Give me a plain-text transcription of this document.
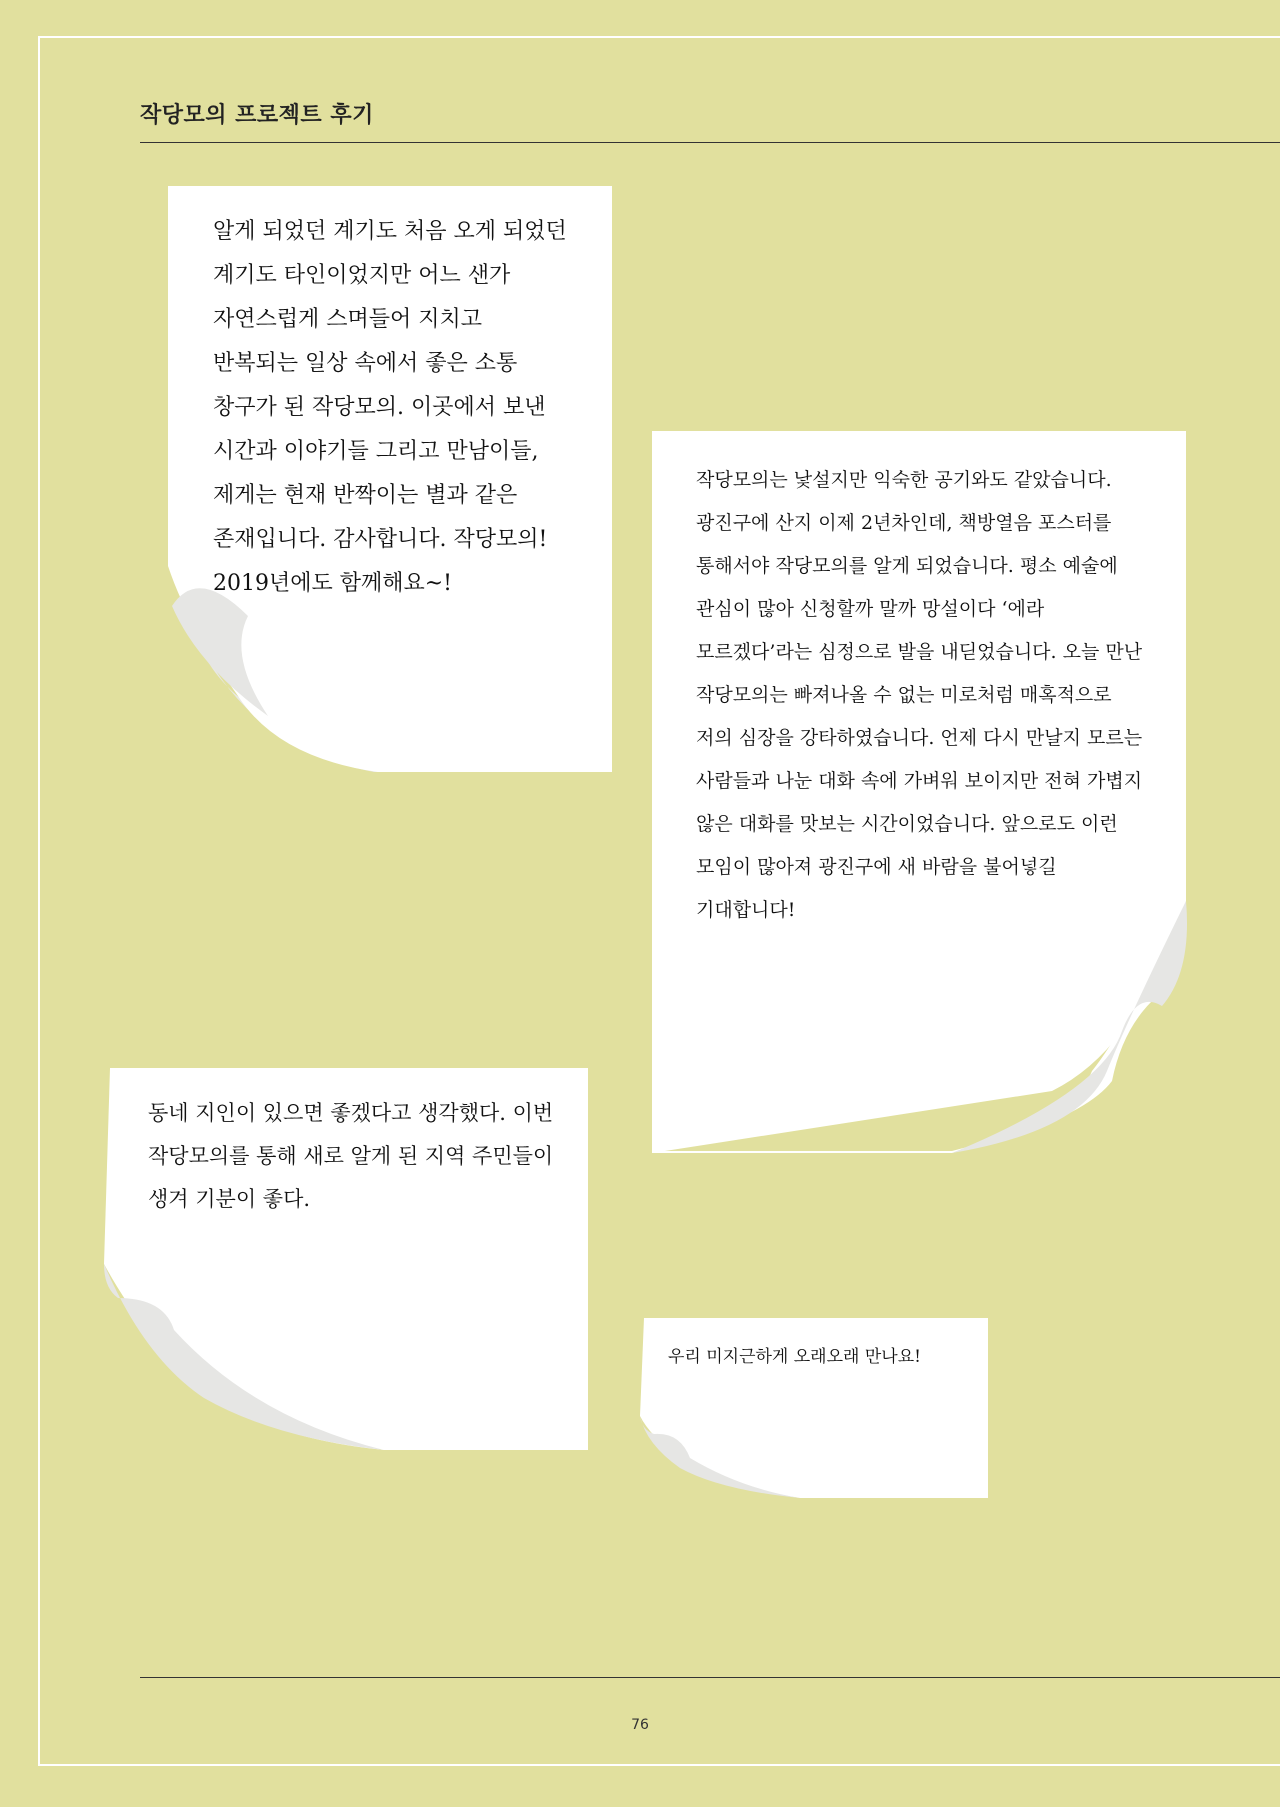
작당모의 프로젝트 후기
알게 되었던 계기도 처음 오게 되었던 계기도 타인이었지만 어느 샌가 자연스럽게 스며들어 지치고 반복되는 일상 속에서 좋은 소통 창구가 된 작당모의. 이곳에서 보낸 시간과 이야기들 그리고 만남이들, 제게는 현재 반짝이는 별과 같은 존재입니다. 감사합니다. 작당모의! 2019년에도 함께해요~!
작당모의는 낯설지만 익숙한 공기와도 같았습니다. 광진구에 산지 이제 2년차인데, 책방열음 포스터를 통해서야 작당모의를 알게 되었습니다. 평소 예술에 관심이 많아 신청할까 말까 망설이다 ‘에라 모르겠다’라는 심정으로 발을 내딛었습니다. 오늘 만난 작당모의는 빠져나올 수 없는 미로처럼 매혹적으로 저의 심장을 강타하였습니다. 언제 다시 만날지 모르는 사람들과 나눈 대화 속에 가벼워 보이지만 전혀 가볍지 않은 대화를 맛보는 시간이었습니다. 앞으로도 이런 모임이 많아져 광진구에 새 바람을 불어넣길 기대합니다!
동네 지인이 있으면 좋겠다고 생각했다. 이번 작당모의를 통해 새로 알게 된 지역 주민들이 생겨 기분이 좋다.
우리 미지근하게 오래오래 만나요!
76
